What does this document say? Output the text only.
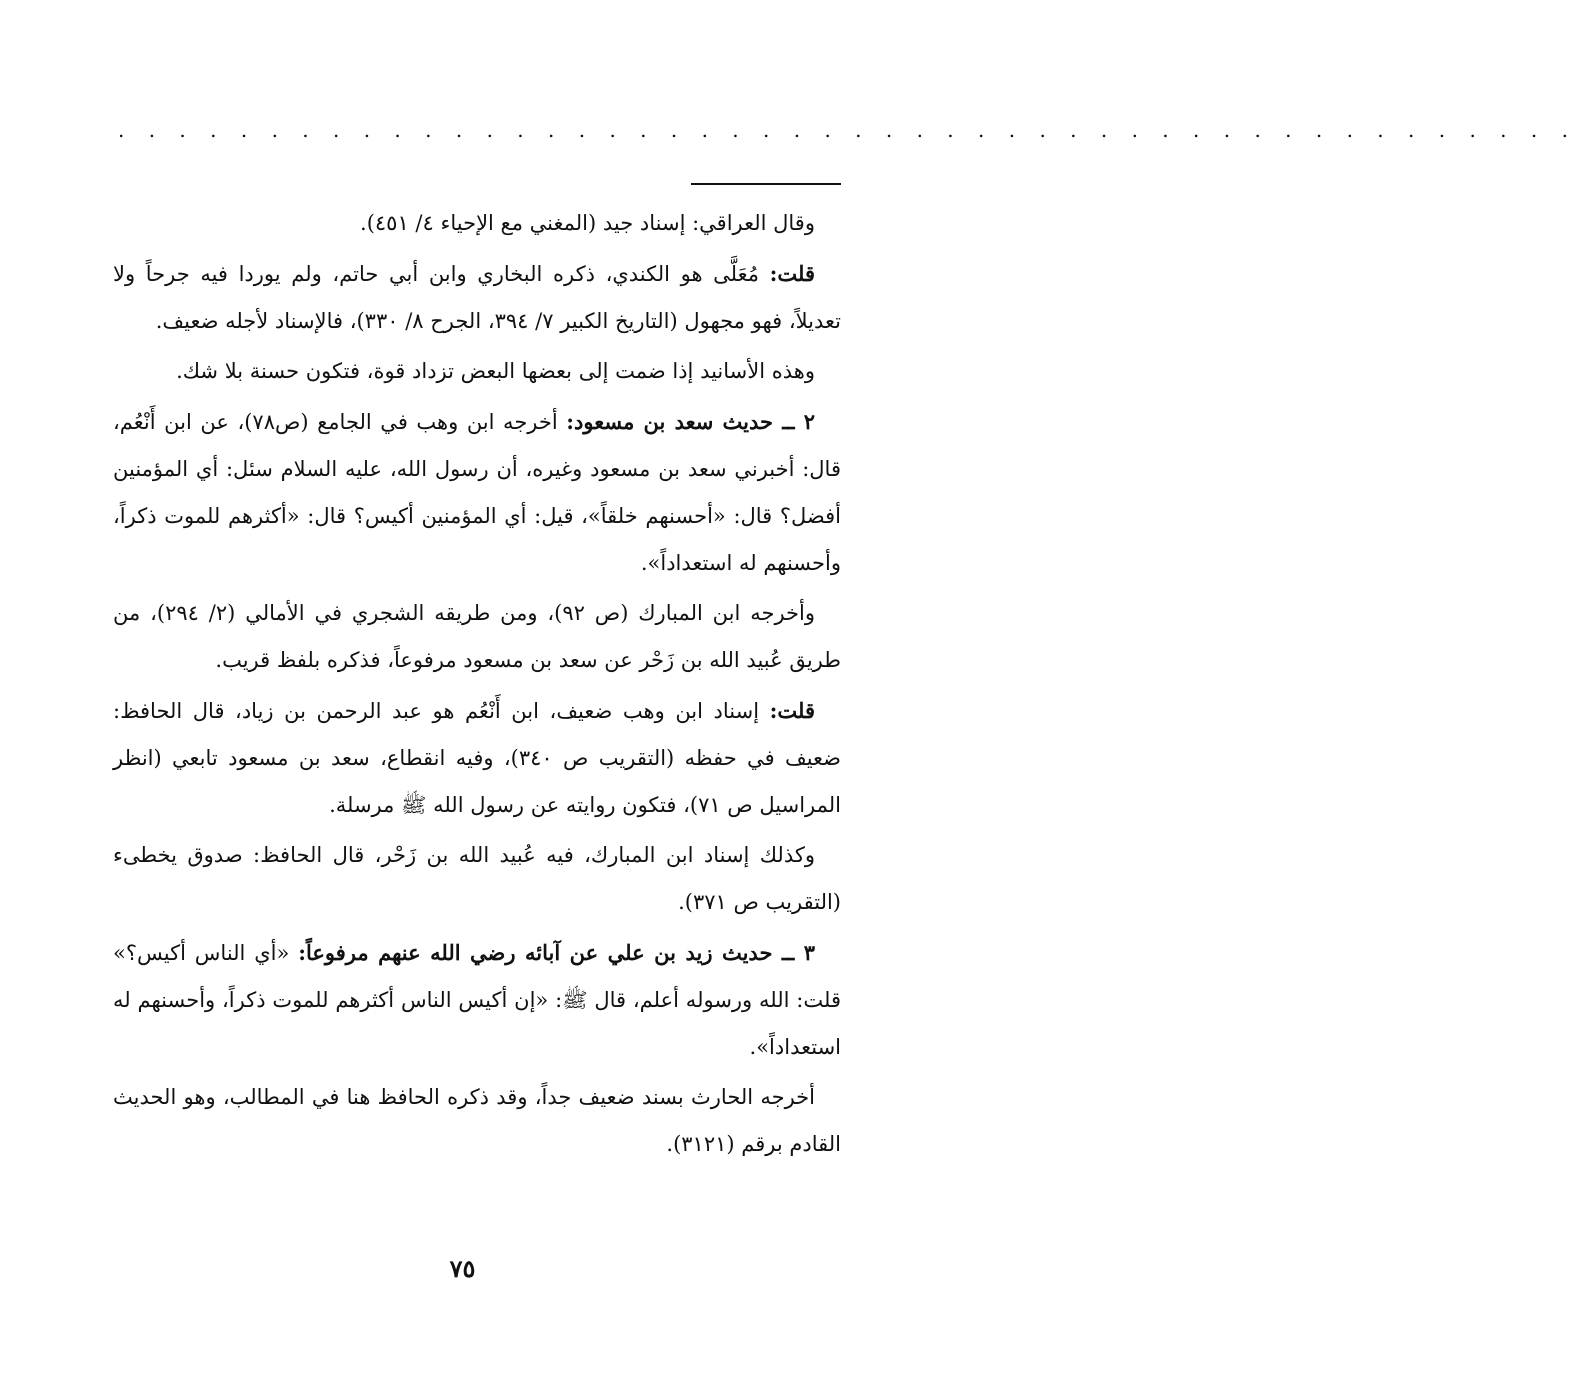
. . . . . . . . . . . . . . . . . . . . . . . . . . . . . . . . . . . . . . . . . . . . . . . .

وقال العراقي: إسناد جيد (المغني مع الإحياء ٤/ ٤٥١).

قلت: مُعَلَّى هو الكندي، ذكره البخاري وابن أبي حاتم، ولم يوردا فيه جرحاً ولا تعديلاً، فهو مجهول (التاريخ الكبير ٧/ ٣٩٤، الجرح ٨/ ٣٣٠)، فالإسناد لأجله ضعيف.

وهذه الأسانيد إذا ضمت إلى بعضها البعض تزداد قوة، فتكون حسنة بلا شك.

٢ ــ حديث سعد بن مسعود: أخرجه ابن وهب في الجامع (ص٧٨)، عن ابن أَنْعُم، قال: أخبرني سعد بن مسعود وغيره، أن رسول الله، عليه السلام سئل: أي المؤمنين أفضل؟ قال: «أحسنهم خلقاً»، قيل: أي المؤمنين أكيس؟ قال: «أكثرهم للموت ذكراً، وأحسنهم له استعداداً».

وأخرجه ابن المبارك (ص ٩٢)، ومن طريقه الشجري في الأمالي (٢/ ٢٩٤)، من طريق عُبيد الله بن زَحْر عن سعد بن مسعود مرفوعاً، فذكره بلفظ قريب.

قلت: إسناد ابن وهب ضعيف، ابن أَنْعُم هو عبد الرحمن بن زياد، قال الحافظ: ضعيف في حفظه (التقريب ص ٣٤٠)، وفيه انقطاع، سعد بن مسعود تابعي (انظر المراسيل ص ٧١)، فتكون روايته عن رسول الله ﷺ مرسلة.

وكذلك إسناد ابن المبارك، فيه عُبيد الله بن زَحْر، قال الحافظ: صدوق يخطىء (التقريب ص ٣٧١).

٣ ــ حديث زيد بن علي عن آبائه رضي الله عنهم مرفوعاً: «أي الناس أكيس؟» قلت: الله ورسوله أعلم، قال ﷺ: «إن أكيس الناس أكثرهم للموت ذكراً، وأحسنهم له استعداداً».

أخرجه الحارث بسند ضعيف جداً، وقد ذكره الحافظ هنا في المطالب، وهو الحديث القادم برقم (٣١٢١).

٧٥
